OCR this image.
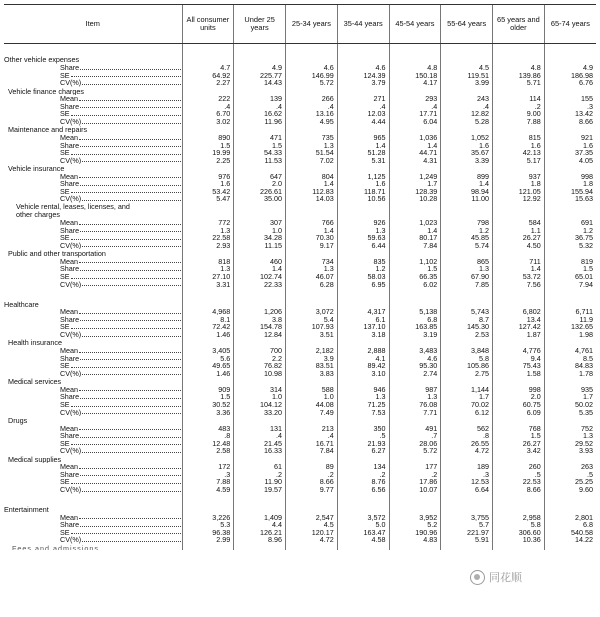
Item	All consumer units	Under 25 years	25-34 years	35-44 years	45-54 years	55-64 years	65 years and older	65-74 years

Other vehicle expenses								

Share	4.7	4.9	4.6	4.6	4.8	4.5	4.8	4.9

SE	64.92	225.77	146.99	124.39	150.18	119.51	139.86	186.98

CV(%)	2.27	14.43	5.72	3.79	4.17	3.99	5.71	6.76

Vehicle finance charges								

Mean	222	139	266	271	293	243	114	155

Share	.4	.4	.4	.4	.4	.4	.2	.3

SE	6.70	16.62	13.16	12.03	17.71	12.82	9.00	13.42

CV(%)	3.02	11.96	4.95	4.44	6.04	5.28	7.88	8.66

Maintenance and repairs								

Mean	890	471	735	965	1,036	1,052	815	921

Share	1.5	1.5	1.3	1.4	1.4	1.6	1.6	1.6

SE	19.99	54.33	51.54	51.28	44.71	35.67	42.13	37.35

CV(%)	2.25	11.53	7.02	5.31	4.31	3.39	5.17	4.05

Vehicle insurance								

Mean	976	647	804	1,125	1,249	899	937	998

Share	1.6	2.0	1.4	1.6	1.7	1.4	1.8	1.8

SE	53.42	226.61	112.83	118.71	128.39	98.94	121.05	155.94

CV(%)	5.47	35.00	14.03	10.56	10.28	11.00	12.92	15.63

Vehicle rental, leases, licenses, and other charges								

Mean	772	307	766	926	1,023	798	584	691

Share	1.3	1.0	1.4	1.3	1.4	1.2	1.1	1.2

SE	22.58	34.28	70.30	59.63	80.17	45.85	26.27	36.75

CV(%)	2.93	11.15	9.17	6.44	7.84	5.74	4.50	5.32

Public and other transportation								

Mean	818	460	734	835	1,102	865	711	819

Share	1.3	1.4	1.3	1.2	1.5	1.3	1.4	1.5

SE	27.10	102.74	46.07	58.03	66.35	67.90	53.72	65.01

CV(%)	3.31	22.33	6.28	6.95	6.02	7.85	7.56	7.94

Healthcare								

Mean	4,968	1,206	3,072	4,317	5,138	5,743	6,802	6,711

Share	8.1	3.8	5.4	6.1	6.8	8.7	13.4	11.9

SE	72.42	154.78	107.93	137.10	163.85	145.30	127.42	132.65

CV(%)	1.46	12.84	3.51	3.18	3.19	2.53	1.87	1.98

Health insurance								

Mean	3,405	700	2,182	2,888	3,483	3,848	4,776	4,761

Share	5.6	2.2	3.9	4.1	4.6	5.8	9.4	8.5

SE	49.65	76.82	83.51	89.42	95.30	105.86	75.43	84.83

CV(%)	1.46	10.98	3.83	3.10	2.74	2.75	1.58	1.78

Medical services								

Mean	909	314	588	946	987	1,144	998	935

Share	1.5	1.0	1.0	1.3	1.3	1.7	2.0	1.7

SE	30.52	104.12	44.08	71.25	76.08	70.02	60.75	50.02

CV(%)	3.36	33.20	7.49	7.53	7.71	6.12	6.09	5.35

Drugs								

Mean	483	131	213	350	491	562	768	752

Share	.8	.4	.4	.5	.7	.8	1.5	1.3

SE	12.48	21.45	16.71	21.93	28.06	26.55	26.27	29.52

CV(%)	2.58	16.33	7.84	6.27	5.72	4.72	3.42	3.93

Medical supplies								

Mean	172	61	89	134	177	189	260	263

Share	.3	.2	.2	.2	.2	.3	.5	.5

SE	7.88	11.90	8.66	8.76	17.86	12.53	22.53	25.25

CV(%)	4.59	19.57	9.77	6.56	10.07	6.64	8.66	9.60

Entertainment								

Mean	3,226	1,409	2,547	3,572	3,952	3,755	2,958	2,801

Share	5.3	4.4	4.5	5.0	5.2	5.7	5.8	6.8

SE	96.38	126.21	120.17	163.47	190.96	221.97	306.60	540.58

CV(%)	2.99	8.96	4.72	4.58	4.83	5.91	10.36	14.22

Fees and admissions								

同花顺
